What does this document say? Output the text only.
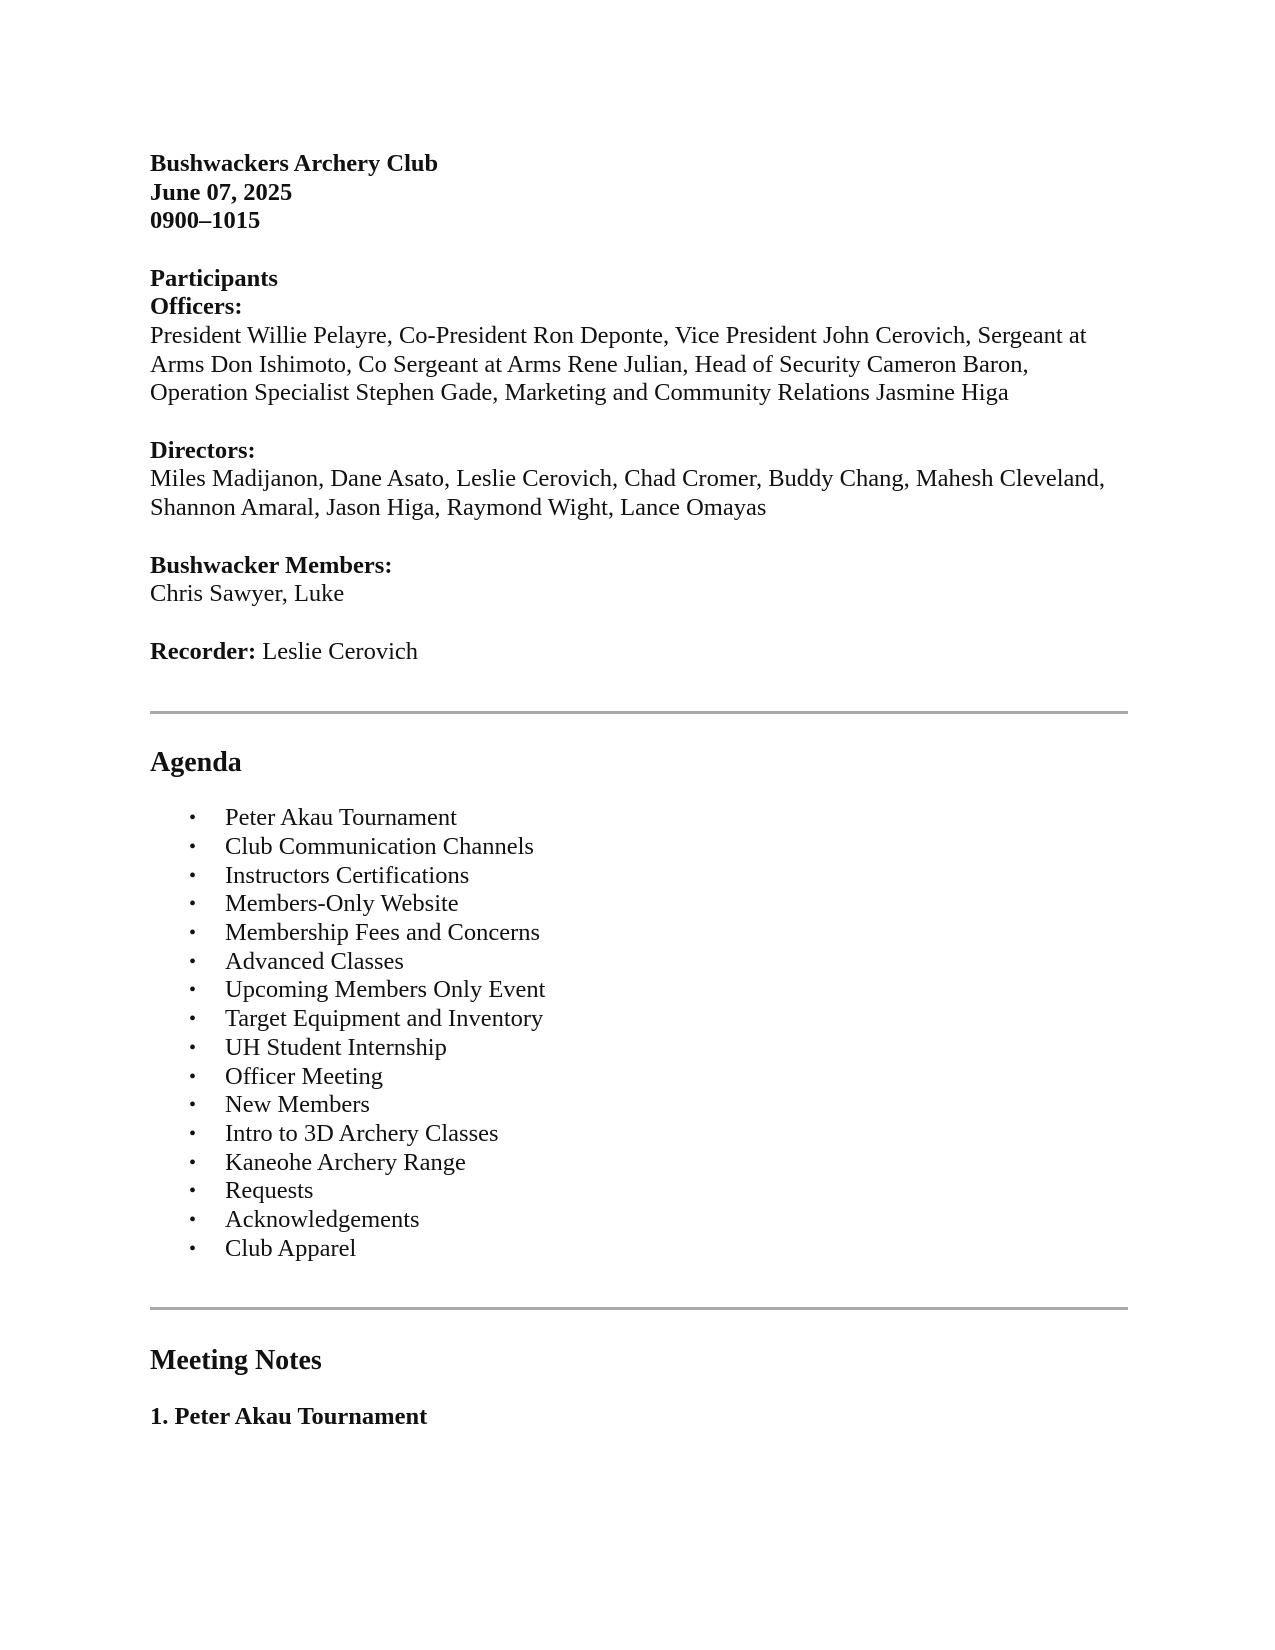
Bushwackers Archery Club
June 07, 2025
0900–1015
Participants
Officers:
President Willie Pelayre, Co-President Ron Deponte, Vice President John Cerovich, Sergeant at Arms Don Ishimoto, Co Sergeant at Arms Rene Julian, Head of Security Cameron Baron, Operation Specialist Stephen Gade, Marketing and Community Relations Jasmine Higa
Directors:
Miles Madijanon, Dane Asato, Leslie Cerovich, Chad Cromer, Buddy Chang, Mahesh Cleveland, Shannon Amaral, Jason Higa, Raymond Wight, Lance Omayas
Bushwacker Members:
Chris Sawyer, Luke
Recorder: Leslie Cerovich
Agenda
• Peter Akau Tournament
• Club Communication Channels
• Instructors Certifications
• Members-Only Website
• Membership Fees and Concerns
• Advanced Classes
• Upcoming Members Only Event
• Target Equipment and Inventory
• UH Student Internship
• Officer Meeting
• New Members
• Intro to 3D Archery Classes
• Kaneohe Archery Range
• Requests
• Acknowledgements
• Club Apparel
Meeting Notes
1. Peter Akau Tournament
